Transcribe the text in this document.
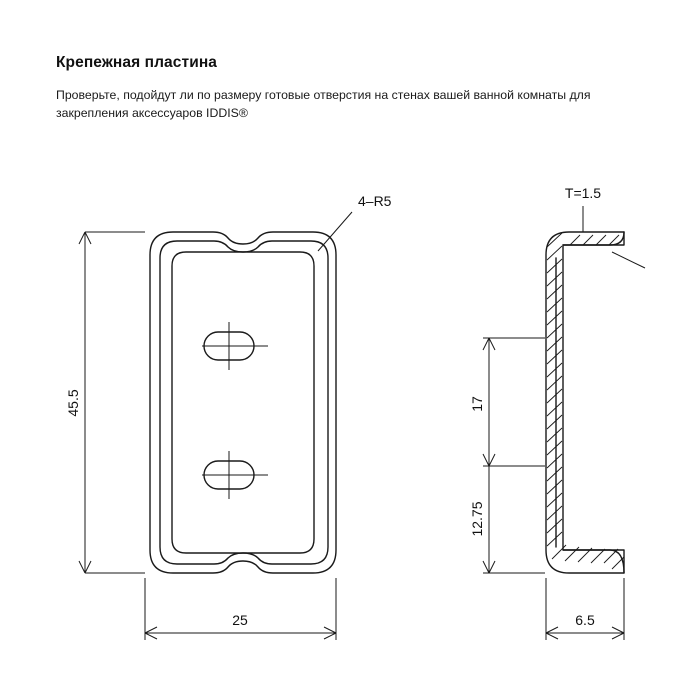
Крепежная пластина
Проверьте, подойдут ли по размеру готовые отверстия на стенах вашей ванной комнаты для закрепления аксессуаров IDDIS®
4–R5
45.5
25
T=1.5
17
12.75
6.5
